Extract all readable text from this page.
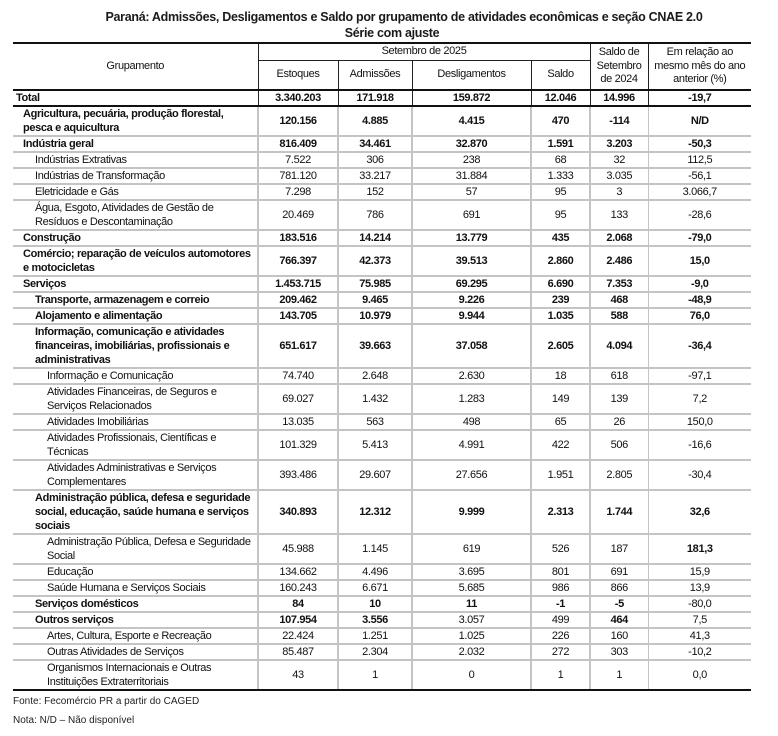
Paraná: Admissões, Desligamentos e Saldo por grupamento de atividades econômicas e seção CNAE 2.0
Série com ajuste
Grupamento	Setembro de 2025				Saldo de Setembro de 2024	Em relação ao mesmo mês do ano anterior (%)
	Estoques	Admissões	Desligamentos	Saldo		
Total	3.340.203	171.918	159.872	12.046	14.996	-19,7
Agricultura, pecuária, produção florestal, pesca e aquicultura	120.156	4.885	4.415	470	-114	N/D
Indústria geral	816.409	34.461	32.870	1.591	3.203	-50,3
Indústrias Extrativas	7.522	306	238	68	32	112,5
Indústrias de Transformação	781.120	33.217	31.884	1.333	3.035	-56,1
Eletricidade e Gás	7.298	152	57	95	3	3.066,7
Água, Esgoto, Atividades de Gestão de Resíduos e Descontaminação	20.469	786	691	95	133	-28,6
Construção	183.516	14.214	13.779	435	2.068	-79,0
Comércio; reparação de veículos automotores e motocicletas	766.397	42.373	39.513	2.860	2.486	15,0
Serviços	1.453.715	75.985	69.295	6.690	7.353	-9,0
Transporte, armazenagem e correio	209.462	9.465	9.226	239	468	-48,9
Alojamento e alimentação	143.705	10.979	9.944	1.035	588	76,0
Informação, comunicação e atividades financeiras, imobiliárias, profissionais e administrativas	651.617	39.663	37.058	2.605	4.094	-36,4
Informação e Comunicação	74.740	2.648	2.630	18	618	-97,1
Atividades Financeiras, de Seguros e Serviços Relacionados	69.027	1.432	1.283	149	139	7,2
Atividades Imobiliárias	13.035	563	498	65	26	150,0
Atividades Profissionais, Científicas e Técnicas	101.329	5.413	4.991	422	506	-16,6
Atividades Administrativas e Serviços Complementares	393.486	29.607	27.656	1.951	2.805	-30,4
Administração pública, defesa e seguridade social, educação, saúde humana e serviços sociais	340.893	12.312	9.999	2.313	1.744	32,6
Administração Pública, Defesa e Seguridade Social	45.988	1.145	619	526	187	181,3
Educação	134.662	4.496	3.695	801	691	15,9
Saúde Humana e Serviços Sociais	160.243	6.671	5.685	986	866	13,9
Serviços domésticos	84	10	11	-1	-5	-80,0
Outros serviços	107.954	3.556	3.057	499	464	7,5
Artes, Cultura, Esporte e Recreação	22.424	1.251	1.025	226	160	41,3
Outras Atividades de Serviços	85.487	2.304	2.032	272	303	-10,2
Organismos Internacionais e Outras Instituições Extraterritoriais	43	1	0	1	1	0,0
Fonte: Fecomércio PR a partir do CAGED
Nota: N/D – Não disponível
